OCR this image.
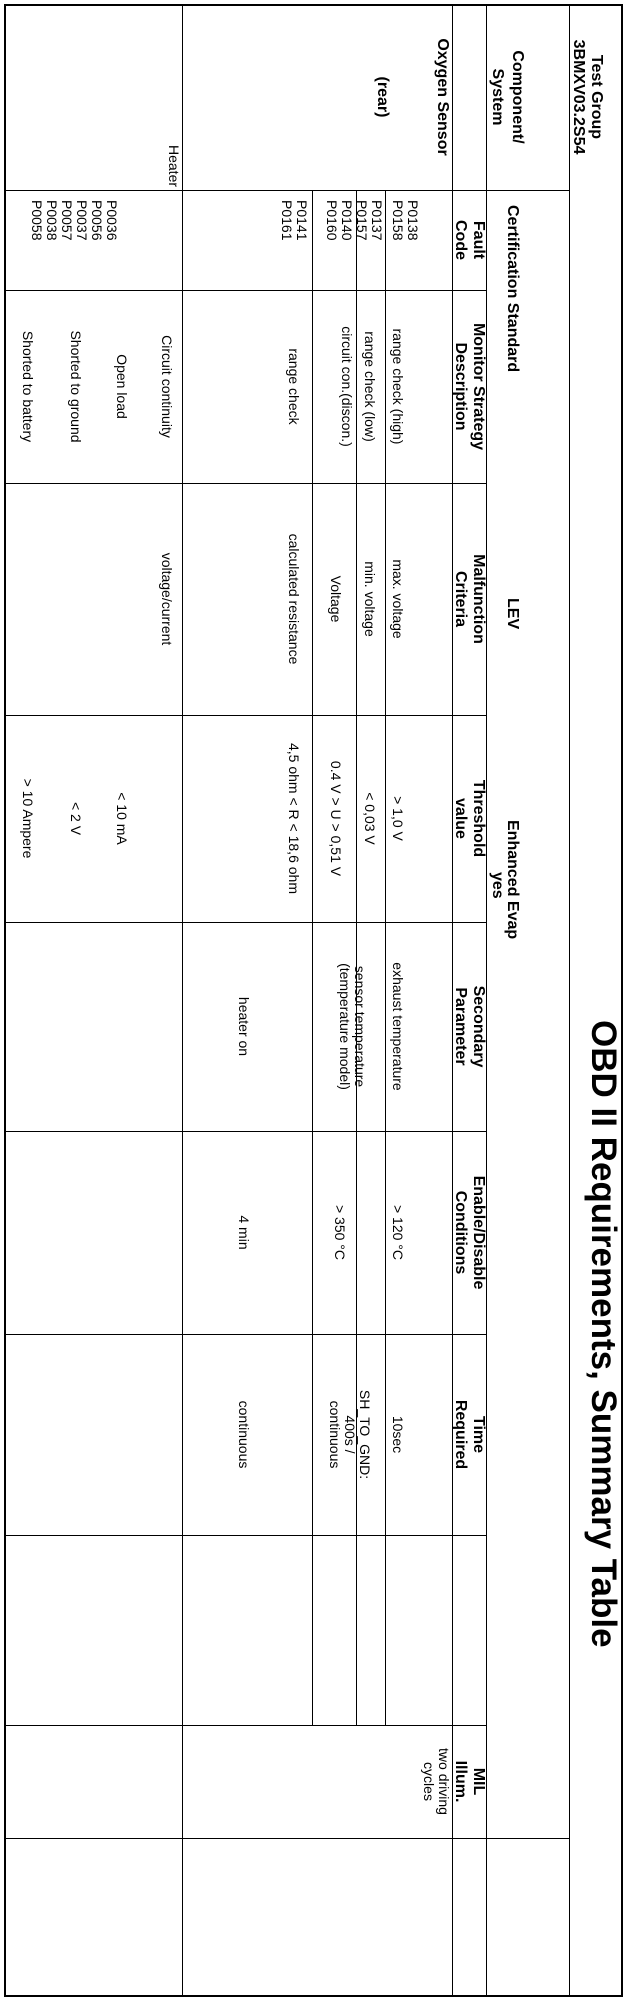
OBD II Requirements, Summary Table
Test Group
3BMXV03.2S54
Certification Standard
LEV
Enhanced Evap
yes
Component/
System
Fault
Code
Monitor Strategy
Description
Malfunction
Criteria
Threshold
value
Secondary
Parameter
Enable/Disable
Conditions
Time
Required
MIL
Illum.
Oxygen Sensor
(rear)
Heater
P0138
P0158
range check (high)
max. voltage
> 1,0 V
exhaust temperature
> 120 °C
10sec
two driving
cycles
P0137
P0157
range check (low)
min. voltage
< 0,03 V
sensor temperature
(temperature model)
> 350 °C
SH_TO_GND:
400s /
continuous
P0140
P0160
circuit con.(discon.)
Voltage
0.4 V > U > 0,51 V
P0141
P0161
range check
calculated resistance
4,5 ohm < R < 18,6 ohm
heater on
4 min
continuous
P0036
P0056
P0037
P0057
P0038
P0058
Circuit continuity
Open load
Shorted to ground
Shorted to battery
voltage/current
< 10 mA
< 2 V
> 10 Ampere
